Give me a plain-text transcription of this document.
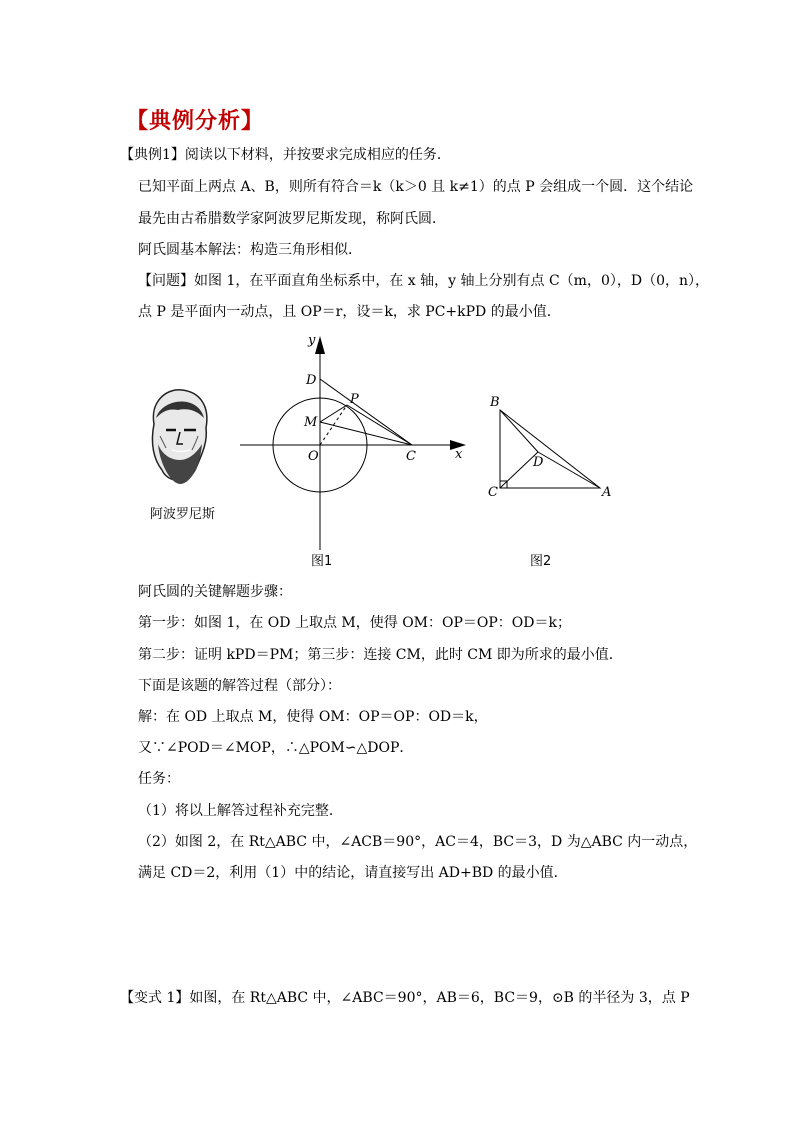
【典例分析】
【典例1】阅读以下材料，并按要求完成相应的任务．
已知平面上两点 A、B，则所有符合＝k（k＞0 且 k≠1）的点 P 会组成一个圆．这个结论
最先由古希腊数学家阿波罗尼斯发现，称阿氏圆．
阿氏圆基本解法：构造三角形相似．
【问题】如图 1，在平面直角坐标系中，在 x 轴，y 轴上分别有点 C（m，0），D（0，n），
点 P 是平面内一动点，且 OP＝r，设＝k，求 PC+kPD 的最小值．
阿波罗尼斯
y
x
D
P
M
O	C
图1
B
D
C	A
图2
阿氏圆的关键解题步骤：
第一步：如图 1，在 OD 上取点 M，使得 OM：OP＝OP：OD＝k；
第二步：证明 kPD＝PM；第三步：连接 CM，此时 CM 即为所求的最小值．
下面是该题的解答过程（部分）：
解：在 OD 上取点 M，使得 OM：OP＝OP：OD＝k，
又∵∠POD＝∠MOP，∴△POM∽△DOP．
任务：
（1）将以上解答过程补充完整．
（2）如图 2，在 Rt△ABC 中，∠ACB＝90°，AC＝4，BC＝3，D 为△ABC 内一动点，
满足 CD＝2，利用（1）中的结论，请直接写出 AD+BD 的最小值．
【变式 1】如图，在 Rt△ABC 中，∠ABC＝90°，AB＝6，BC＝9，⊙B 的半径为 3，点 P
